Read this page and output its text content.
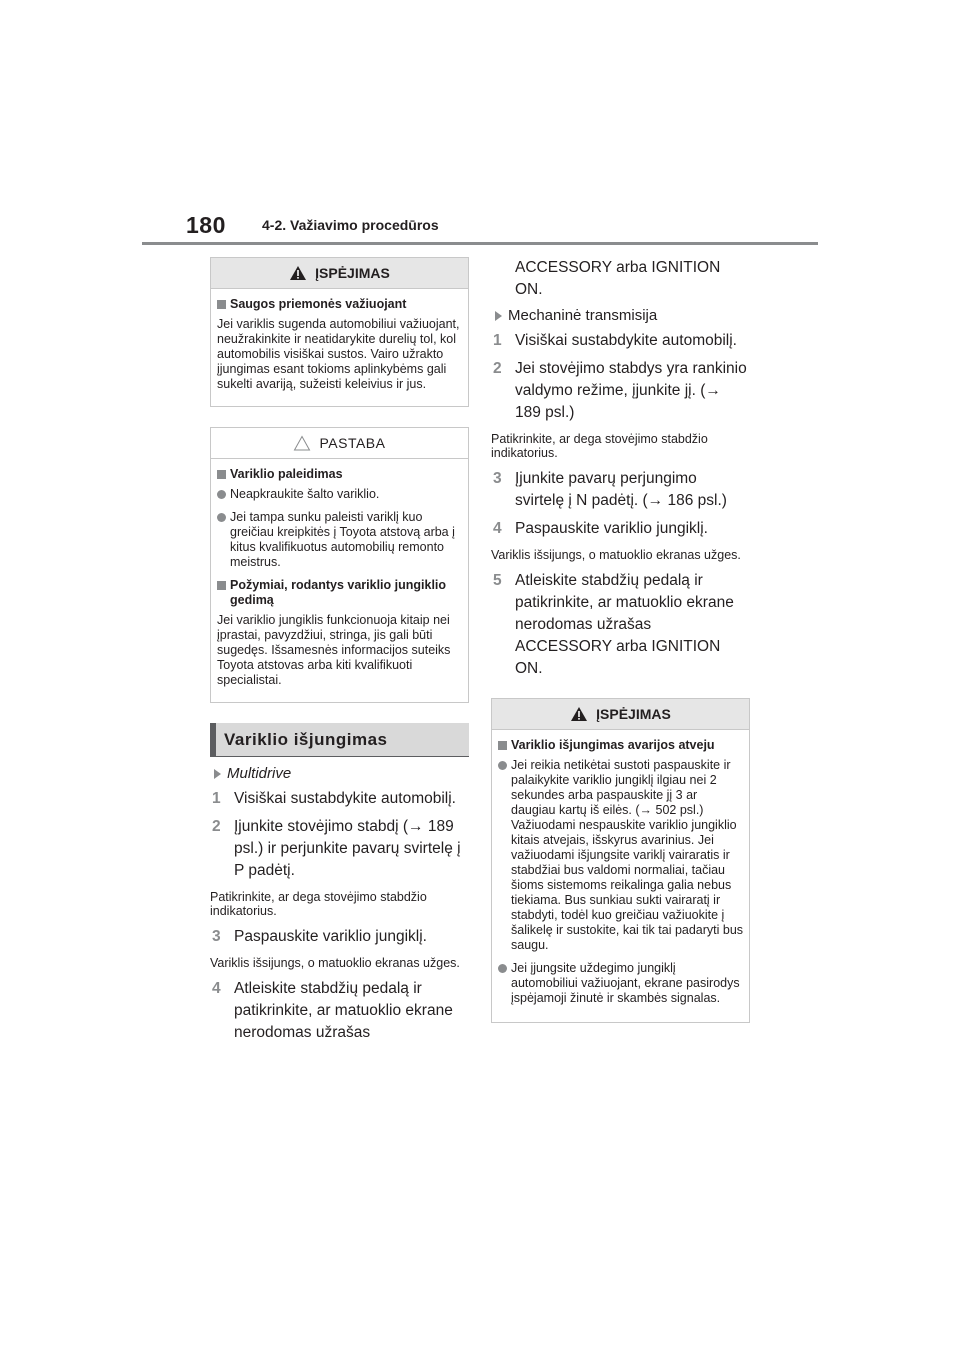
180	4-2. Važiavimo procedūros
ĮSPĖJIMAS
Saugos priemonės važiuojant
Jei variklis sugenda automobiliui važiuojant, neužrakinkite ir neatidarykite durelių tol, kol automobilis visiškai sustos. Vairo užrakto įjungimas esant tokioms aplinkybėms gali sukelti avariją, sužeisti keleivius ir jus.
PASTABA
Variklio paleidimas
Neapkraukite šalto variklio.
Jei tampa sunku paleisti variklį kuo greičiau kreipkitės į Toyota atstovą arba į kitus kvalifikuotus automobilių remonto meistrus.
Požymiai, rodantys variklio jungiklio gedimą
Jei variklio jungiklis funkcionuoja kitaip nei įprastai, pavyzdžiui, stringa, jis gali būti sugedęs. Išsamesnės informacijos suteiks Toyota atstovas arba kiti kvalifikuoti specialistai.
Variklio išjungimas
Multidrive
1 Visiškai sustabdykite automobilį.
2 Įjunkite stovėjimo stabdį (→ 189 psl.) ir perjunkite pavarų svirtelę į P padėtį.
Patikrinkite, ar dega stovėjimo stabdžio indikatorius.
3 Paspauskite variklio jungiklį.
Variklis išsijungs, o matuoklio ekranas užges.
4 Atleiskite stabdžių pedalą ir patikrinkite, ar matuoklio ekrane nerodomas užrašas
ACCESSORY arba IGNITION ON.
Mechaninė transmisija
1 Visiškai sustabdykite automobilį.
2 Jei stovėjimo stabdys yra rankinio valdymo režime, įjunkite jį. (→ 189 psl.)
Patikrinkite, ar dega stovėjimo stabdžio indikatorius.
3 Įjunkite pavarų perjungimo svirtelę į N padėtį. (→ 186 psl.)
4 Paspauskite variklio jungiklį.
Variklis išsijungs, o matuoklio ekranas užges.
5 Atleiskite stabdžių pedalą ir patikrinkite, ar matuoklio ekrane nerodomas užrašas ACCESSORY arba IGNITION ON.
ĮSPĖJIMAS
Variklio išjungimas avarijos atveju
Jei reikia netikėtai sustoti paspauskite ir palaikykite variklio jungiklį ilgiau nei 2 sekundes arba paspauskite jį 3 ar daugiau kartų iš eilės. (→ 502 psl.) Važiuodami nespauskite variklio jungiklio kitais atvejais, išskyrus avarinius. Jei važiuodami išjungsite variklį vairaratis ir stabdžiai bus valdomi normaliai, tačiau šioms sistemoms reikalinga galia nebus tiekiama. Bus sunkiau sukti vairaratį ir stabdyti, todėl kuo greičiau važiuokite į šalikelę ir sustokite, kai tik tai padaryti bus saugu.
Jei įjungsite uždegimo jungiklį automobiliui važiuojant, ekrane pasirodys įspėjamoji žinutė ir skambės signalas.
